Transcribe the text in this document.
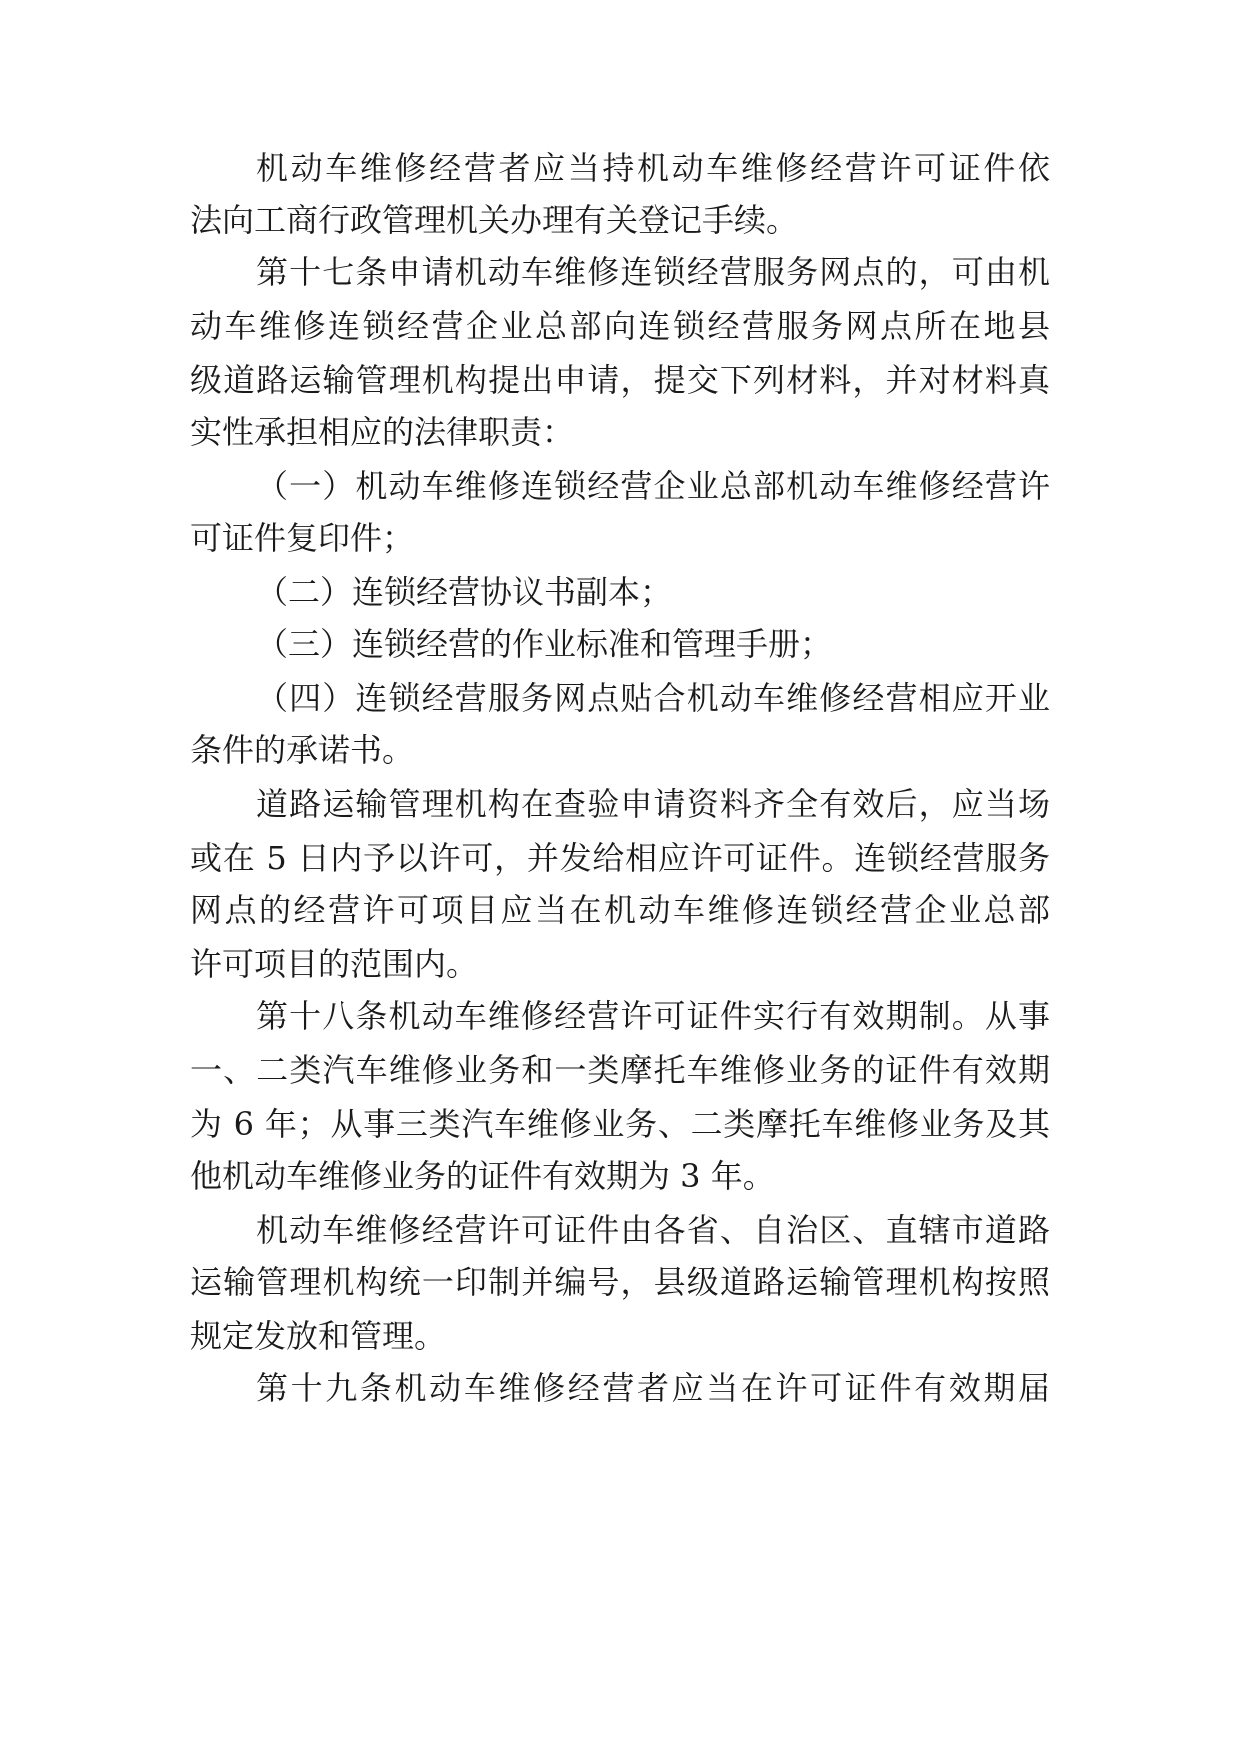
机动车维修经营者应当持机动车维修经营许可证件依
法向工商行政管理机关办理有关登记手续。
第十七条申请机动车维修连锁经营服务网点的，可由机
动车维修连锁经营企业总部向连锁经营服务网点所在地县
级道路运输管理机构提出申请，提交下列材料，并对材料真
实性承担相应的法律职责：
（一）机动车维修连锁经营企业总部机动车维修经营许
可证件复印件；
（二）连锁经营协议书副本；
（三）连锁经营的作业标准和管理手册；
（四）连锁经营服务网点贴合机动车维修经营相应开业
条件的承诺书。
道路运输管理机构在查验申请资料齐全有效后，应当场
或在 5 日内予以许可，并发给相应许可证件。连锁经营服务
网点的经营许可项目应当在机动车维修连锁经营企业总部
许可项目的范围内。
第十八条机动车维修经营许可证件实行有效期制。从事
一、二类汽车维修业务和一类摩托车维修业务的证件有效期
为 6 年；从事三类汽车维修业务、二类摩托车维修业务及其
他机动车维修业务的证件有效期为 3 年。
机动车维修经营许可证件由各省、自治区、直辖市道路
运输管理机构统一印制并编号，县级道路运输管理机构按照
规定发放和管理。
第十九条机动车维修经营者应当在许可证件有效期届
